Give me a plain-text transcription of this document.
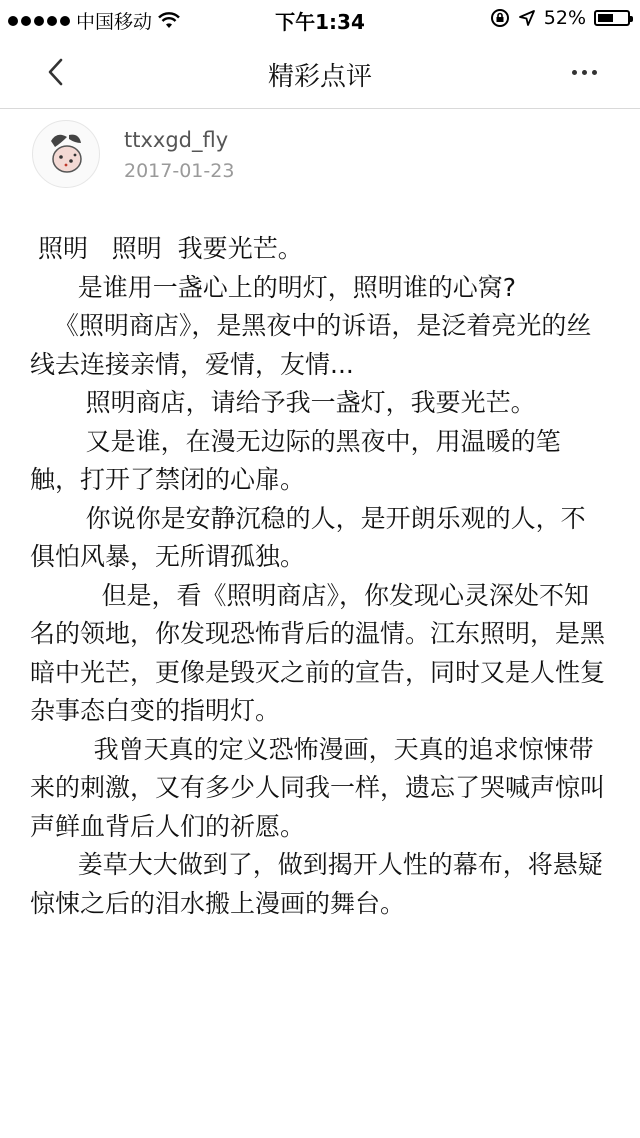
中国移动	下午1:34	52%
精彩点评
ttxxgd_fly
2017-01-23

照明   照明  我要光芒。

是谁用一盏心上的明灯，照明谁的心窝?

《照明商店》，是黑夜中的诉语，是泛着亮光的丝线去连接亲情，爱情，友情...

照明商店，请给予我一盏灯，我要光芒。

又是谁，在漫无边际的黑夜中，用温暖的笔触，打开了禁闭的心扉。

你说你是安静沉稳的人，是开朗乐观的人，不俱怕风暴，无所谓孤独。

但是，看《照明商店》，你发现心灵深处不知名的领地，你发现恐怖背后的温情。江东照明，是黑暗中光芒，更像是毁灭之前的宣告，同时又是人性复杂事态白变的指明灯。

我曾天真的定义恐怖漫画，天真的追求惊悚带来的刺激，又有多少人同我一样，遗忘了哭喊声惊叫声鲜血背后人们的祈愿。

姜草大大做到了，做到揭开人性的幕布，将悬疑惊悚之后的泪水搬上漫画的舞台。
